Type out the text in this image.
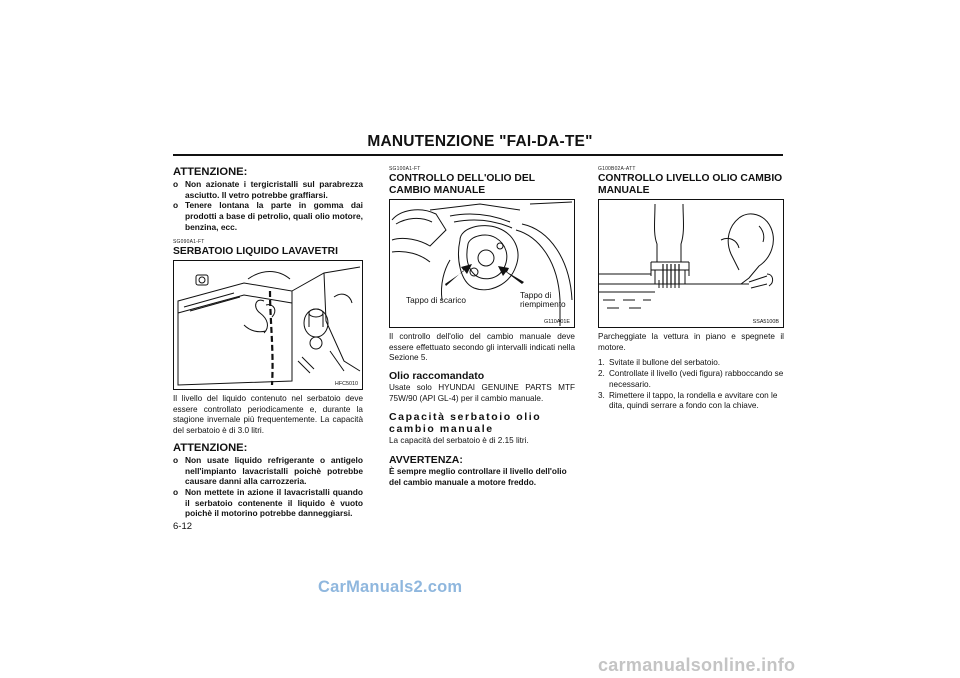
MANUTENZIONE "FAI-DA-TE"
ATTENZIONE:
o Non azionate i tergicristalli sul parabrezza asciutto. Il vetro potrebbe graffiarsi.
o Tenere lontana la parte in gomma dai prodotti a base di petrolio, quali olio motore, benzina, ecc.
SG090A1-FT
SERBATOIO LIQUIDO LAVAVETRI
HFC5010
Il livello del liquido contenuto nel serbatoio deve essere controllato periodicamente e, durante la stagione invernale più frequentemente. La capacità del serbatoio è di 3.0 litri.
ATTENZIONE:
o Non usate liquido refrigerante o antigelo nell'impianto lavacristalli poichè potrebbe causare danni alla carrozzeria.
o Non mettete in azione il lavacristalli quando il serbatoio contenente il liquido è vuoto poichè il motorino potrebbe danneggiarsi.
6-12
SG100A1-FT
CONTROLLO DELL'OLIO DEL CAMBIO MANUALE
Tappo di scarico	Tappo di riempimento
G110A01E
Il controllo dell'olio del cambio manuale deve essere effettuato secondo gli intervalli indicati nella Sezione 5.
Olio raccomandato
Usate solo HYUNDAI GENUINE PARTS MTF 75W/90 (API GL-4) per il cambio manuale.
Capacità serbatoio olio cambio manuale
La capacità del serbatoio è di 2.15 litri.
AVVERTENZA:
È sempre meglio controllare il livello dell'olio del cambio manuale a motore freddo.
G100B02A-ATT
CONTROLLO LIVELLO OLIO CAMBIO MANUALE
SSA5100B
Parcheggiate la vettura in piano e spegnete il motore.
1. Svitate il bullone del serbatoio.
2. Controllate il livello (vedi figura) rabboccando se necessario.
3. Rimettere il tappo, la rondella e avvitare con le dita, quindi serrare a fondo con la chiave.
CarManuals2.com
carmanualsonline.info
